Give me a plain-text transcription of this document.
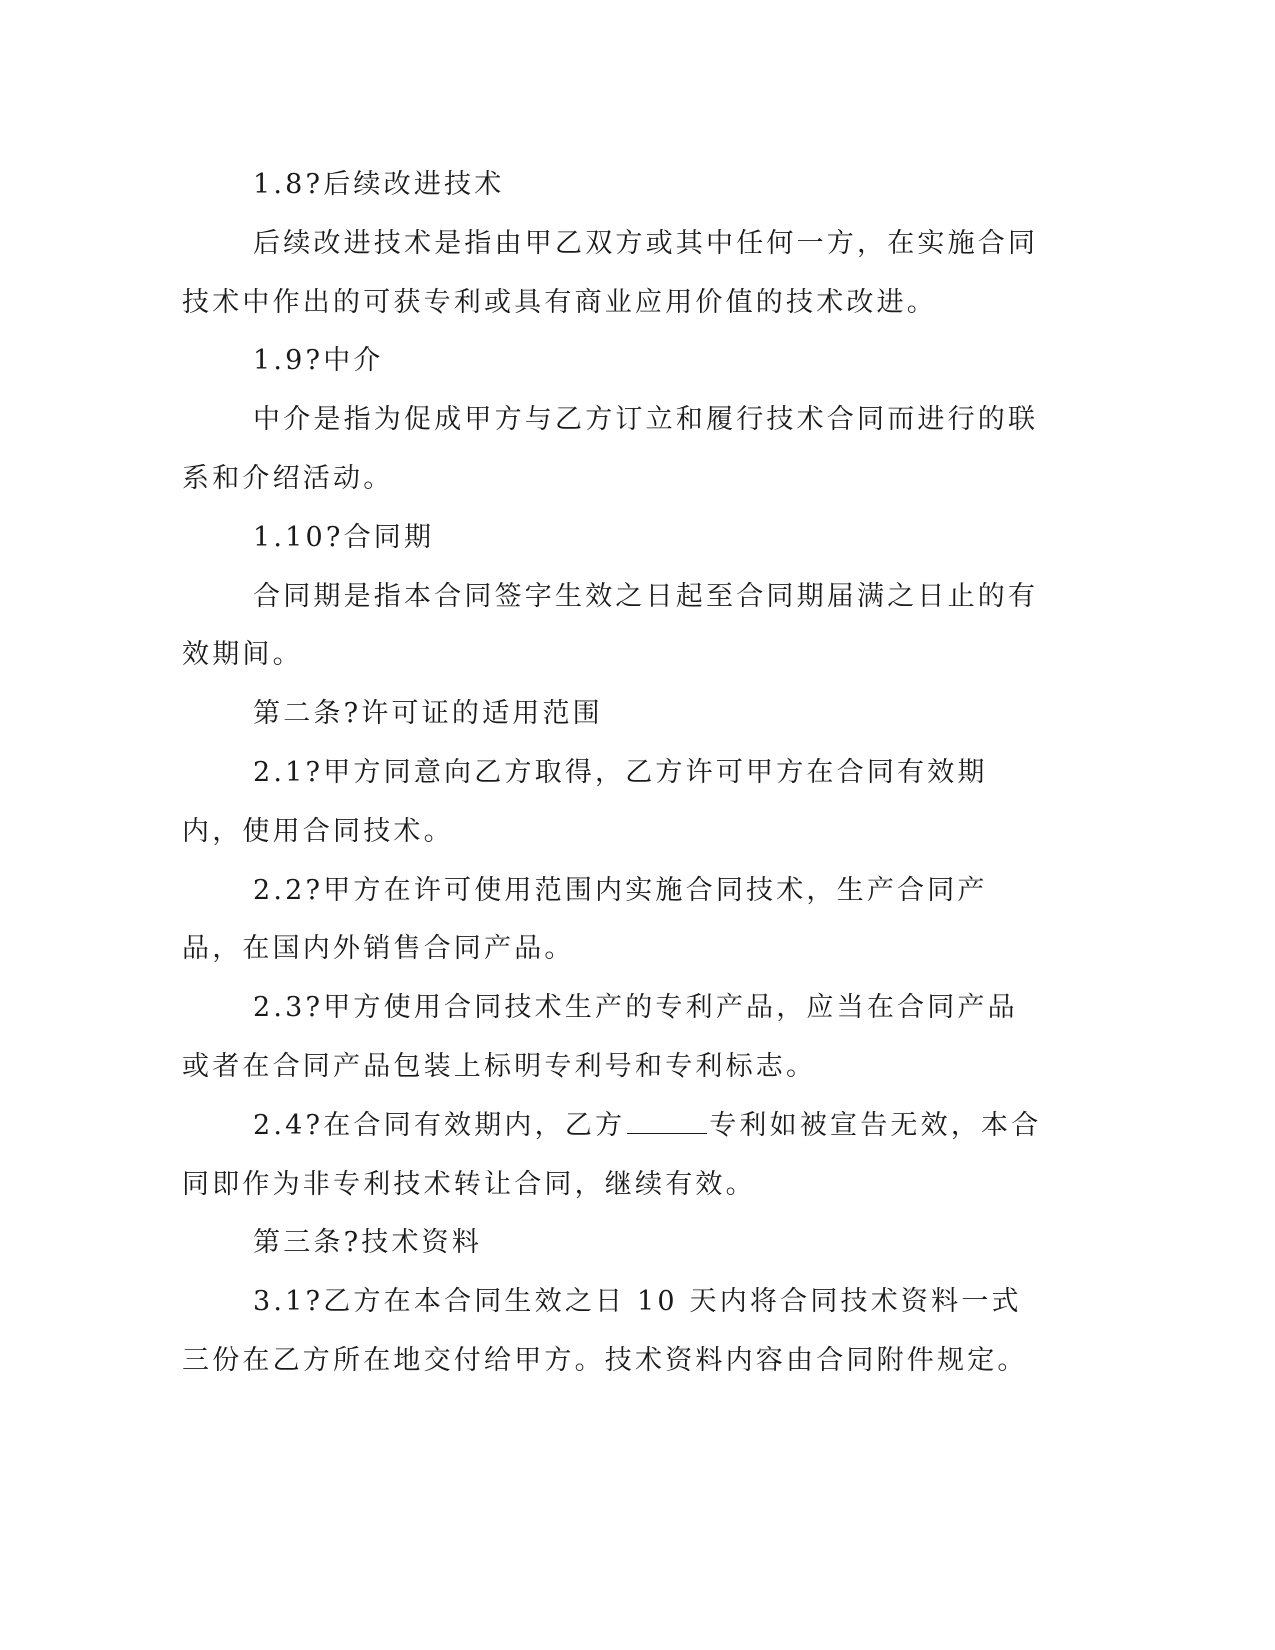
1.8?后续改进技术

后续改进技术是指由甲乙双方或其中任何一方，在实施合同技术中作出的可获专利或具有商业应用价值的技术改进。

1.9?中介

中介是指为促成甲方与乙方订立和履行技术合同而进行的联系和介绍活动。

1.10?合同期

合同期是指本合同签字生效之日起至合同期届满之日止的有效期间。

第二条?许可证的适用范围

2.1?甲方同意向乙方取得，乙方许可甲方在合同有效期内，使用合同技术。

2.2?甲方在许可使用范围内实施合同技术，生产合同产品，在国内外销售合同产品。

2.3?甲方使用合同技术生产的专利产品，应当在合同产品或者在合同产品包装上标明专利号和专利标志。

2.4?在合同有效期内，乙方	专利如被宣告无效，本合同即作为非专利技术转让合同，继续有效。

第三条?技术资料

3.1?乙方在本合同生效之日 10 天内将合同技术资料一式三份在乙方所在地交付给甲方。技术资料内容由合同附件规定。
